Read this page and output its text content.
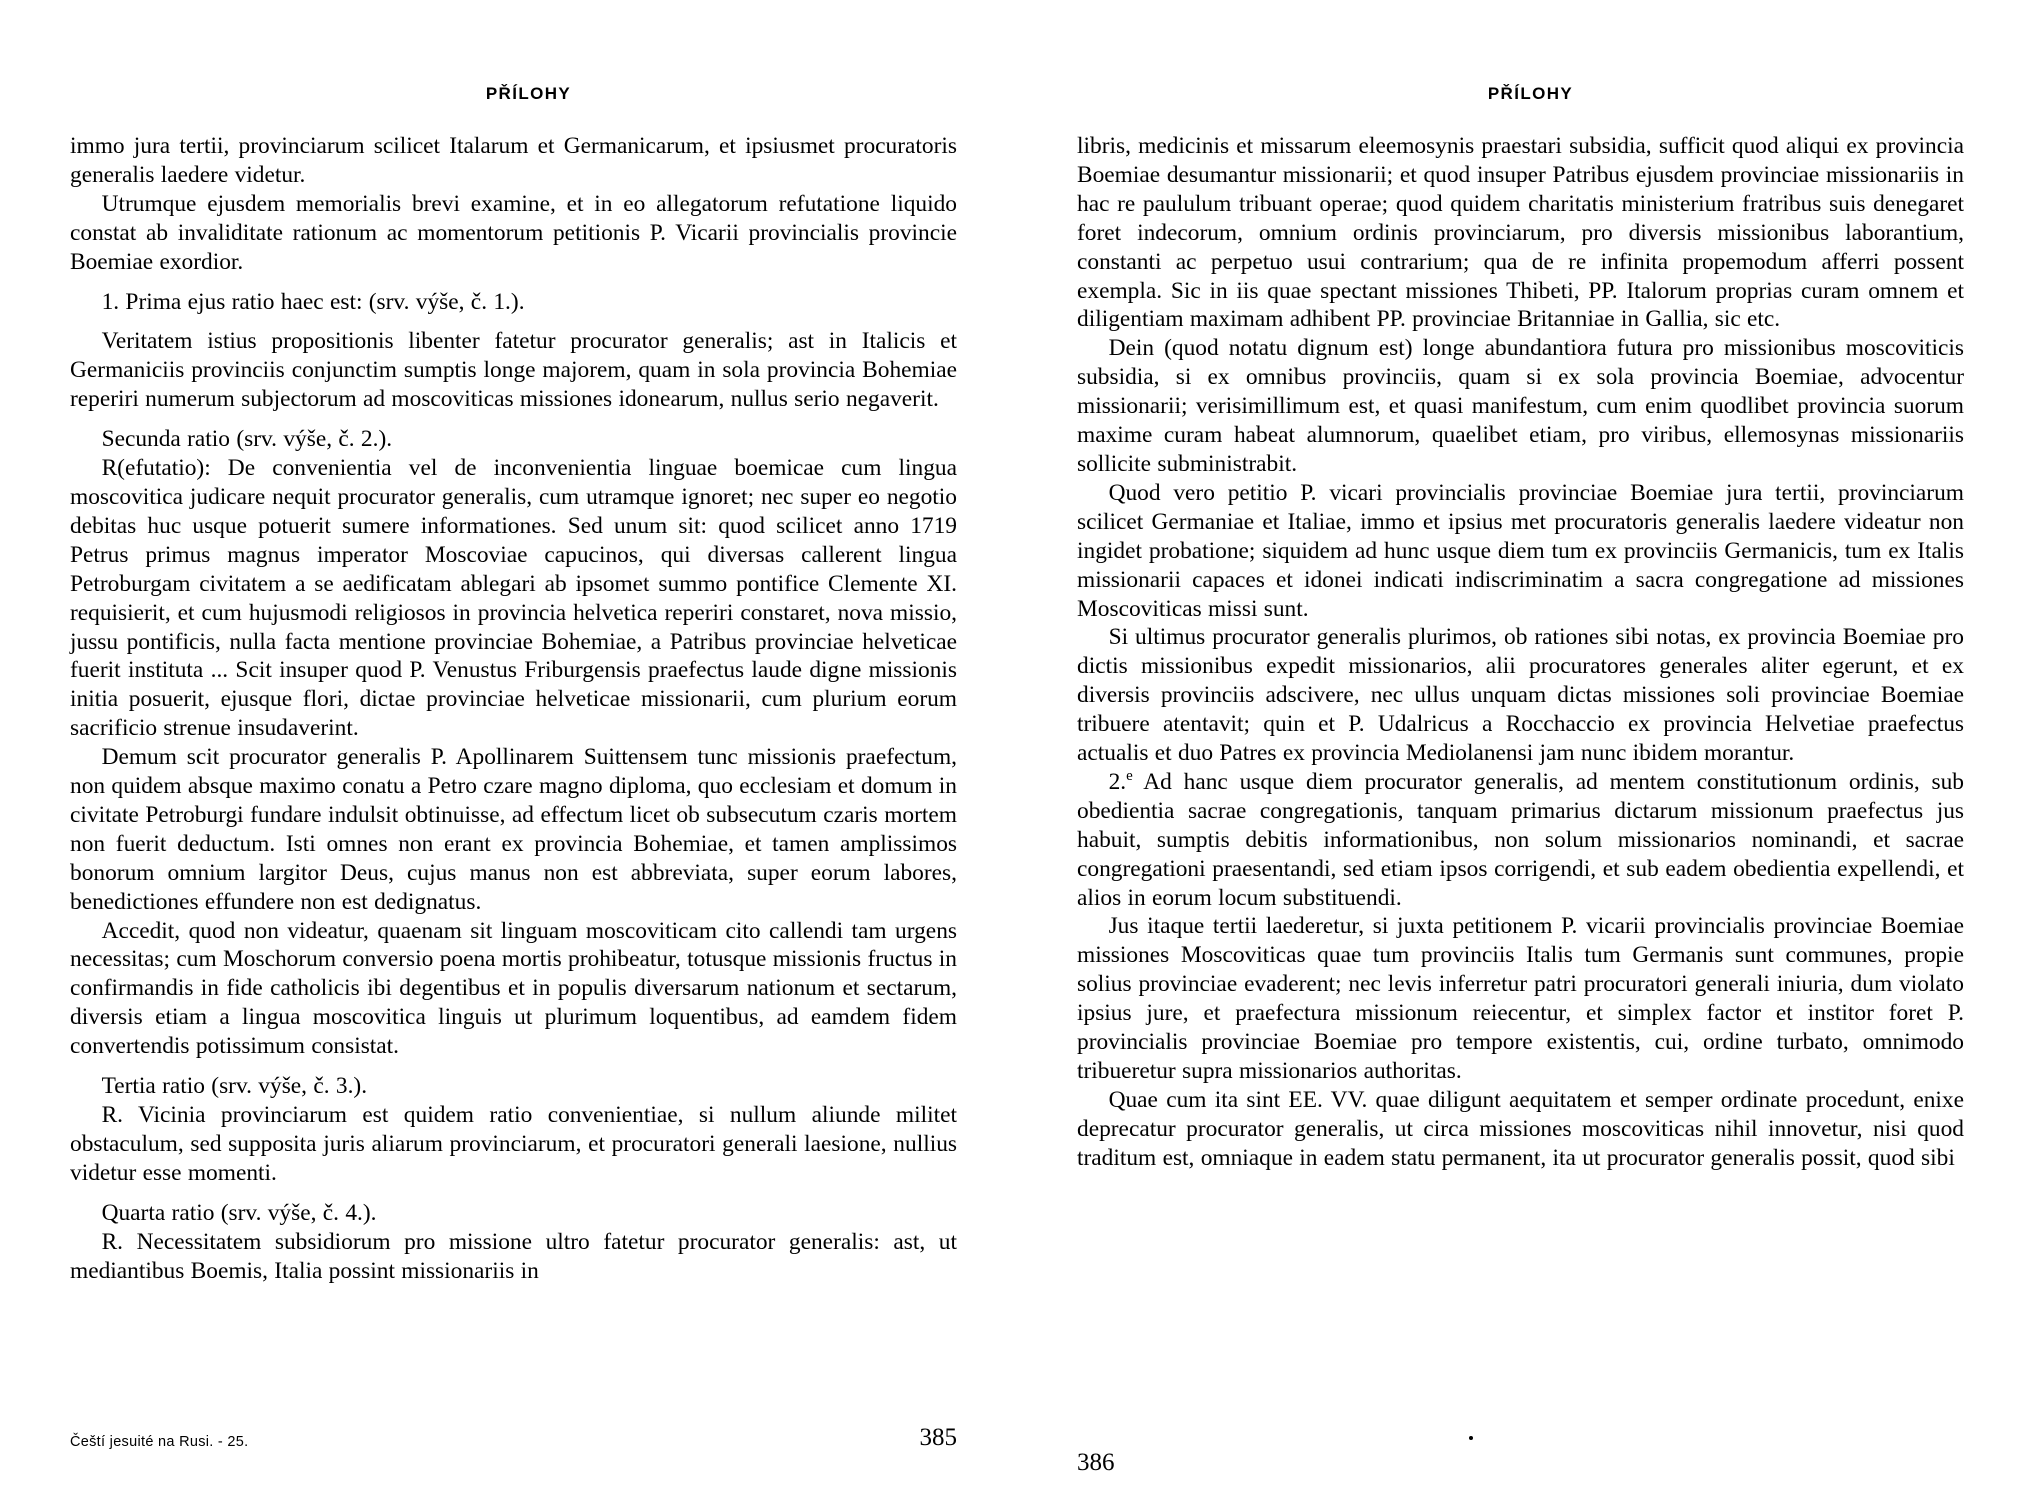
PŘÍLOHY

immo jura tertii, provinciarum scilicet Italarum et Germanicarum, et ipsiusmet procuratoris generalis laedere videtur.

Utrumque ejusdem memorialis brevi examine, et in eo allegatorum refutatione liquido constat ab invaliditate rationum ac momentorum petitionis P. Vicarii provincialis provincie Boemiae exordior.

1. Prima ejus ratio haec est: (srv. výše, č. 1.).

Veritatem istius propositionis libenter fatetur procurator generalis; ast in Italicis et Germaniciis provinciis conjunctim sumptis longe majorem, quam in sola provincia Bohemiae reperiri numerum subjectorum ad moscoviticas missiones idonearum, nullus serio negaverit.

Secunda ratio (srv. výše, č. 2.).

R(efutatio): De convenientia vel de inconvenientia linguae boemicae cum lingua moscovitica judicare nequit procurator generalis, cum utramque ignoret; nec super eo negotio debitas huc usque potuerit sumere informationes. Sed unum sit: quod scilicet anno 1719 Petrus primus magnus imperator Moscoviae capucinos, qui diversas callerent lingua Petroburgam civitatem a se aedificatam ablegari ab ipsomet summo pontifice Clemente XI. requisierit, et cum hujusmodi religiosos in provincia helvetica reperiri constaret, nova missio, jussu pontificis, nulla facta mentione provinciae Bohemiae, a Patribus provinciae helveticae fuerit instituta ... Scit insuper quod P. Venustus Friburgensis praefectus laude digne missionis initia posuerit, ejusque flori, dictae provinciae helveticae missionarii, cum plurium eorum sacrificio strenue insudaverint.

Demum scit procurator generalis P. Apollinarem Suittensem tunc missionis praefectum, non quidem absque maximo conatu a Petro czare magno diploma, quo ecclesiam et domum in civitate Petroburgi fundare indulsit obtinuisse, ad effectum licet ob subsecutum czaris mortem non fuerit deductum. Isti omnes non erant ex provincia Bohemiae, et tamen amplissimos bonorum omnium largitor Deus, cujus manus non est abbreviata, super eorum labores, benedictiones effundere non est dedignatus.

Accedit, quod non videatur, quaenam sit linguam moscoviticam cito callendi tam urgens necessitas; cum Moschorum conversio poena mortis prohibeatur, totusque missionis fructus in confirmandis in fide catholicis ibi degentibus et in populis diversarum nationum et sectarum, diversis etiam a lingua moscovitica linguis ut plurimum loquentibus, ad eamdem fidem convertendis potissimum consistat.

Tertia ratio (srv. výše, č. 3.).

R. Vicinia provinciarum est quidem ratio convenientiae, si nullum aliunde militet obstaculum, sed supposita juris aliarum provinciarum, et procuratori generali laesione, nullius videtur esse momenti.

Quarta ratio (srv. výše, č. 4.).

R. Necessitatem subsidiorum pro missione ultro fatetur procurator generalis: ast, ut mediantibus Boemis, Italia possint missionariis in

Čeští jesuité na Rusi. - 25.	385
PŘÍLOHY

libris, medicinis et missarum eleemosynis praestari subsidia, sufficit quod aliqui ex provincia Boemiae desumantur missionarii; et quod insuper Patribus ejusdem provinciae missionariis in hac re paululum tribuant operae; quod quidem charitatis ministerium fratribus suis denegaret foret indecorum, omnium ordinis provinciarum, pro diversis missionibus laborantium, constanti ac perpetuo usui contrarium; qua de re infinita propemodum afferri possent exempla. Sic in iis quae spectant missiones Thibeti, PP. Italorum proprias curam omnem et diligentiam maximam adhibent PP. provinciae Britanniae in Gallia, sic etc.

Dein (quod notatu dignum est) longe abundantiora futura pro missionibus moscoviticis subsidia, si ex omnibus provinciis, quam si ex sola provincia Boemiae, advocentur missionarii; verisimillimum est, et quasi manifestum, cum enim quodlibet provincia suorum maxime curam habeat alumnorum, quaelibet etiam, pro viribus, ellemosynas missionariis sollicite subministrabit.

Quod vero petitio P. vicari provincialis provinciae Boemiae jura tertii, provinciarum scilicet Germaniae et Italiae, immo et ipsius met procuratoris generalis laedere videatur non ingidet probatione; siquidem ad hunc usque diem tum ex provinciis Germanicis, tum ex Italis missionarii capaces et idonei indicati indiscriminatim a sacra congregatione ad missiones Moscoviticas missi sunt.

Si ultimus procurator generalis plurimos, ob rationes sibi notas, ex provincia Boemiae pro dictis missionibus expedit missionarios, alii procuratores generales aliter egerunt, et ex diversis provinciis adscivere, nec ullus unquam dictas missiones soli provinciae Boemiae tribuere atentavit; quin et P. Udalricus a Rocchaccio ex provincia Helvetiae praefectus actualis et duo Patres ex provincia Mediolanensi jam nunc ibidem morantur.

2.$^e$ Ad hanc usque diem procurator generalis, ad mentem constitutionum ordinis, sub obedientia sacrae congregationis, tanquam primarius dictarum missionum praefectus jus habuit, sumptis debitis informationibus, non solum missionarios nominandi, et sacrae congregationi praesentandi, sed etiam ipsos corrigendi, et sub eadem obedientia expellendi, et alios in eorum locum substituendi.

Jus itaque tertii laederetur, si juxta petitionem P. vicarii provincialis provinciae Boemiae missiones Moscoviticas quae tum provinciis Italis tum Germanis sunt communes, propie solius provinciae evaderent; nec levis inferretur patri procuratori generali iniuria, dum violato ipsius jure, et praefectura missionum reiecentur, et simplex factor et institor foret P. provincialis provinciae Boemiae pro tempore existentis, cui, ordine turbato, omnimodo tribueretur supra missionarios authoritas.

Quae cum ita sint EE. VV. quae diligunt aequitatem et semper ordinate procedunt, enixe deprecatur procurator generalis, ut circa missiones moscoviticas nihil innovetur, nisi quod traditum est, omniaque in eadem statu permanent, ita ut procurator generalis possit, quod sibi

386
